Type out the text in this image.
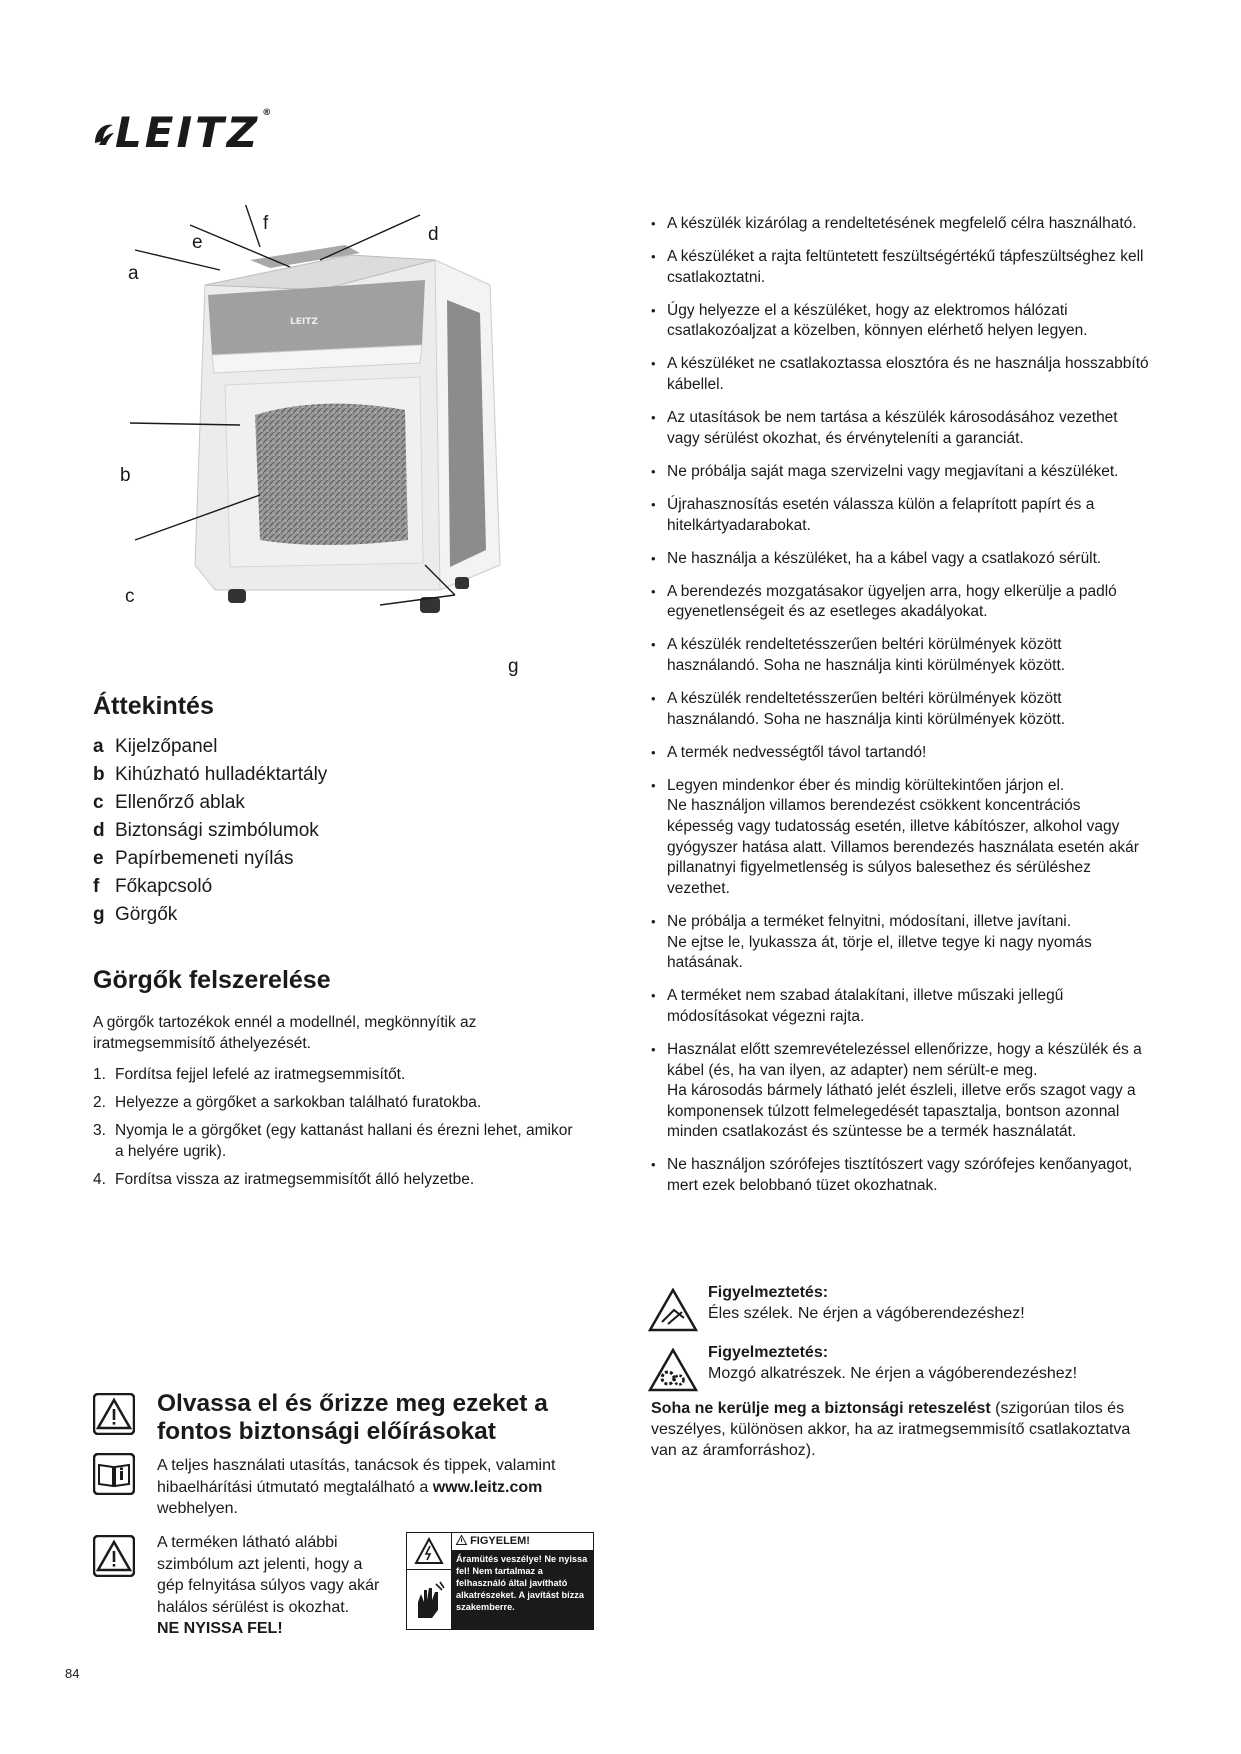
LEITZ ®
LEITZ
e
f
d
a
b
c
g
Áttekintés
a Kijelzőpanel
b Kihúzható hulladéktartály
c Ellenőrző ablak
d Biztonsági szimbólumok
e Papírbemeneti nyílás
f Főkapcsoló
g Görgők
Görgők felszerelése

A görgők tartozékok ennél a modellnél, megkönnyítik az iratmegsemmisítő áthelyezését.

1. Fordítsa fejjel lefelé az iratmegsemmisítőt.
2. Helyezze a görgőket a sarkokban található furatokba.
3. Nyomja le a görgőket (egy kattanást hallani és érezni lehet, amikor a helyére ugrik).
4. Fordítsa vissza az iratmegsemmisítőt álló helyzetbe.
Olvassa el és őrizze meg ezeket a fontos biztonsági előírásokat

A teljes használati utasítás, tanácsok és tippek, valamint hibaelhárítási útmutató megtalálható a www.leitz.com webhelyen.

A terméken látható alábbi szimbólum azt jelenti, hogy a gép felnyitása súlyos vagy akár halálos sérülést is okozhat.
NE NYISSA FEL!

FIGYELEM!
Áramütés veszélye! Ne nyissa fel! Nem tartalmaz a felhasználó által javítható alkatrészeket. A javítást bízza szakemberre.
• A készülék kizárólag a rendeltetésének megfelelő célra használható.
• A készüléket a rajta feltüntetett feszültségértékű tápfeszültséghez kell csatlakoztatni.
• Úgy helyezze el a készüléket, hogy az elektromos hálózati csatlakozóaljzat a közelben, könnyen elérhető helyen legyen.
• A készüléket ne csatlakoztassa elosztóra és ne használja hosszabbító kábellel.
• Az utasítások be nem tartása a készülék károsodásához vezethet vagy sérülést okozhat, és érvényteleníti a garanciát.
• Ne próbálja saját maga szervizelni vagy megjavítani a készüléket.
• Újrahasznosítás esetén válassza külön a felaprított papírt és a hitelkártyadarabokat.
• Ne használja a készüléket, ha a kábel vagy a csatlakozó sérült.
• A berendezés mozgatásakor ügyeljen arra, hogy elkerülje a padló egyenetlenségeit és az esetleges akadályokat.
• A készülék rendeltetésszerűen beltéri körülmények között használandó. Soha ne használja kinti körülmények között.
• A készülék rendeltetésszerűen beltéri körülmények között használandó. Soha ne használja kinti körülmények között.
• A termék nedvességtől távol tartandó!
• Legyen mindenkor éber és mindig körültekintően járjon el.
Ne használjon villamos berendezést csökkent koncentrációs képesség vagy tudatosság esetén, illetve kábítószer, alkohol vagy gyógyszer hatása alatt. Villamos berendezés használata esetén akár pillanatnyi figyelmetlenség is súlyos balesethez és sérüléshez vezethet.
• Ne próbálja a terméket felnyitni, módosítani, illetve javítani.
Ne ejtse le, lyukassza át, törje el, illetve tegye ki nagy nyomás hatásának.
• A terméket nem szabad átalakítani, illetve műszaki jellegű módosításokat végezni rajta.
• Használat előtt szemrevételezéssel ellenőrizze, hogy a készülék és a kábel (és, ha van ilyen, az adapter) nem sérült-e meg.
Ha károsodás bármely látható jelét észleli, illetve erős szagot vagy a komponensek túlzott felmelegedését tapasztalja, bontson azonnal minden csatlakozást és szüntesse be a termék használatát.
• Ne használjon szórófejes tisztítószert vagy szórófejes kenőanyagot, mert ezek belobbanó tüzet okozhatnak.
Figyelmeztetés:
Éles szélek. Ne érjen a vágóberendezéshez!
Figyelmeztetés:
Mozgó alkatrészek. Ne érjen a vágóberendezéshez!

Soha ne kerülje meg a biztonsági reteszelést (szigorúan tilos és veszélyes, különösen akkor, ha az iratmegsemmisítő csatlakoztatva van az áramforráshoz).

84
